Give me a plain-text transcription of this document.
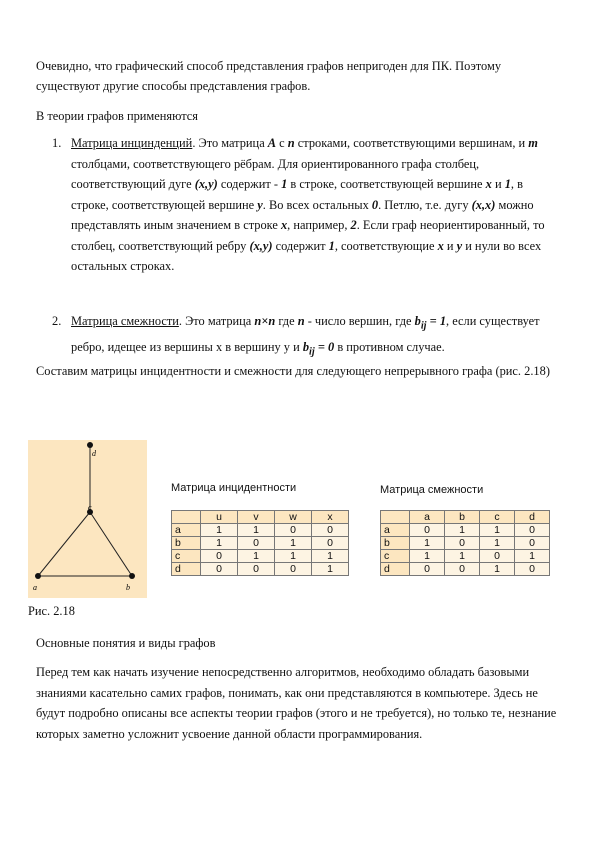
Очевидно, что графический способ представления графов непригоден для ПК. Поэтому существуют другие способы представления графов.

В теории графов применяются

1. Матрица инцинденций. Это матрица A с n строками, соответствующими вершинам, и m столбцами, соответствующего рёбрам. Для ориентированного графа столбец, соответствующий дуге (x,y) содержит - 1 в строке, соответствующей вершине x и 1, в строке, соответствующей вершине y. Во всех остальных 0. Петлю, т.е. дугу (x,x) можно представлять иным значением в строке x, например, 2. Если граф неориентированный, то столбец, соответствующий ребру (x,y) содержит 1, соответствующие x и y и нули во всех остальных строках.
2. Матрица смежности. Это матрица n×n где n - число вершин, где $b_{ij} = 1$, если существует ребро, идещее из вершины x в вершину y и $b_{ij} = 0$ в противном случае.

Составим матрицы инцидентности и смежности для следующего непрерывного графа (рис. 2.18)

d
c
a	b
Рис. 2.18
Матрица инцидентности
	u	v	w	x
a	1	1	0	0
b	1	0	1	0
c	0	1	1	1
d	0	0	0	1
Матрица смежности
	a	b	c	d
a	0	1	1	0
b	1	0	1	0
c	1	1	0	1
d	0	0	1	0

Основные понятия и виды графов

Перед тем как начать изучение непосредственно алгоритмов, необходимо обладать базовыми знаниями касательно самих графов, понимать, как они представляются в компьютере. Здесь не будут подробно описаны все аспекты теории графов (этого и не требуется), но только те, незнание которых заметно усложнит усвоение данной области программирования.
